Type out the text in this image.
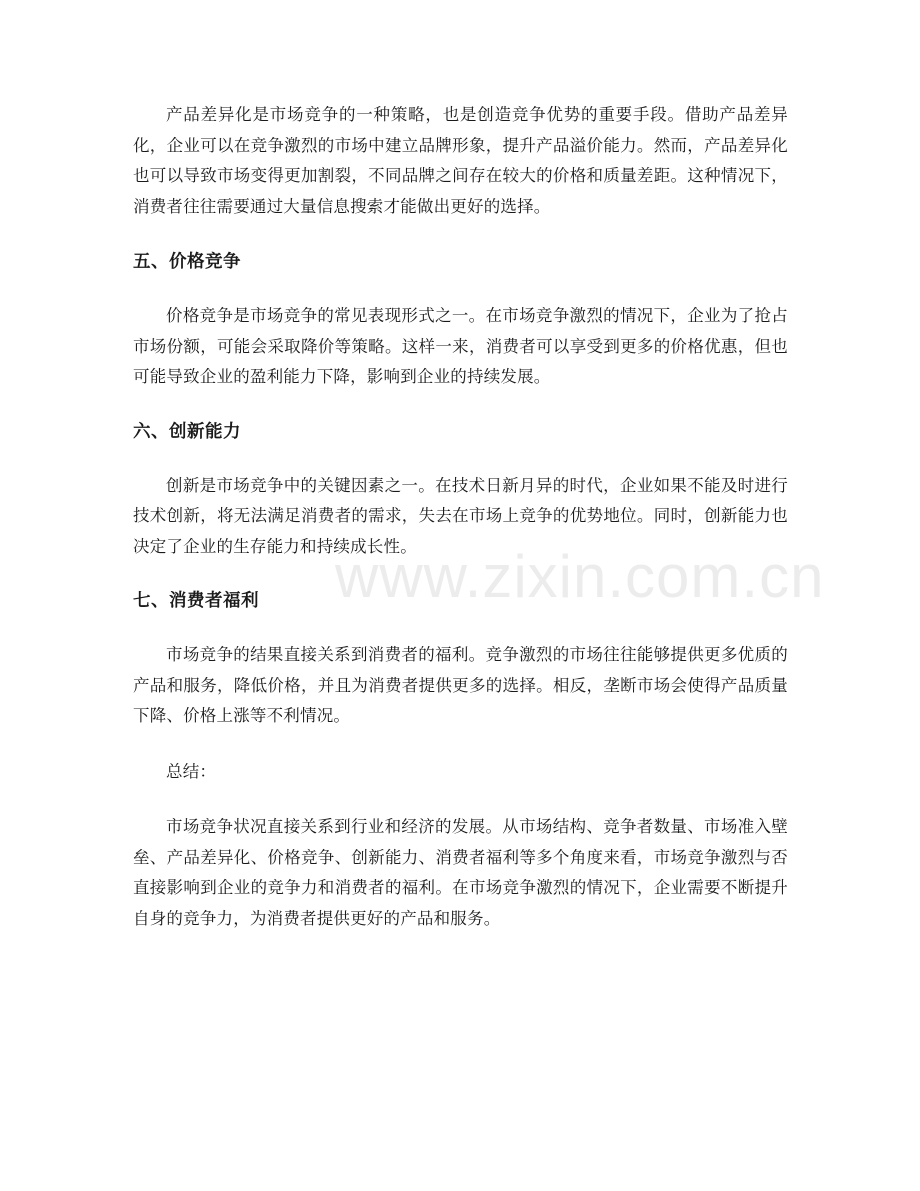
产品差异化是市场竞争的一种策略，也是创造竞争优势的重要手段。借助产品差异化，企业可以在竞争激烈的市场中建立品牌形象，提升产品溢价能力。然而，产品差异化也可以导致市场变得更加割裂，不同品牌之间存在较大的价格和质量差距。这种情况下，消费者往往需要通过大量信息搜索才能做出更好的选择。

五、价格竞争

价格竞争是市场竞争的常见表现形式之一。在市场竞争激烈的情况下，企业为了抢占市场份额，可能会采取降价等策略。这样一来，消费者可以享受到更多的价格优惠，但也可能导致企业的盈利能力下降，影响到企业的持续发展。

六、创新能力

创新是市场竞争中的关键因素之一。在技术日新月异的时代，企业如果不能及时进行技术创新，将无法满足消费者的需求，失去在市场上竞争的优势地位。同时，创新能力也决定了企业的生存能力和持续成长性。

七、消费者福利

市场竞争的结果直接关系到消费者的福利。竞争激烈的市场往往能够提供更多优质的产品和服务，降低价格，并且为消费者提供更多的选择。相反，垄断市场会使得产品质量下降、价格上涨等不利情况。

总结：

市场竞争状况直接关系到行业和经济的发展。从市场结构、竞争者数量、市场准入壁垒、产品差异化、价格竞争、创新能力、消费者福利等多个角度来看，市场竞争激烈与否直接影响到企业的竞争力和消费者的福利。在市场竞争激烈的情况下，企业需要不断提升自身的竞争力，为消费者提供更好的产品和服务。

www.zixin.com.cn
